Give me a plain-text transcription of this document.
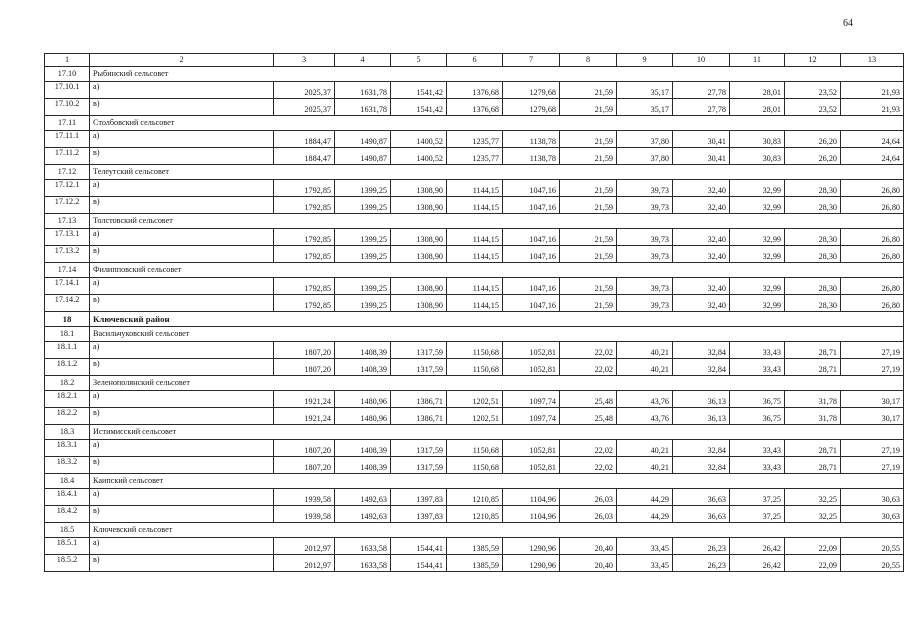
64
1	2	3	4	5	6	7	8	9	10	11	12	13
17.10	Рыбинский сельсовет											
17.10.1	а)	2025,37	1631,78	1541,42	1376,68	1279,68	21,59	35,17	27,78	28,01	23,52	21,93
17.10.2	в)	2025,37	1631,78	1541,42	1376,68	1279,68	21,59	35,17	27,78	28,01	23,52	21,93
17.11	Столбовский сельсовет											
17.11.1	а)	1884,47	1490,87	1400,52	1235,77	1138,78	21,59	37,80	30,41	30,83	26,20	24,64
17.11.2	в)	1884,47	1490,87	1400,52	1235,77	1138,78	21,59	37,80	30,41	30,83	26,20	24,64
17.12	Телеутский сельсовет											
17.12.1	а)	1792,85	1399,25	1308,90	1144,15	1047,16	21,59	39,73	32,40	32,99	28,30	26,80
17.12.2	в)	1792,85	1399,25	1308,90	1144,15	1047,16	21,59	39,73	32,40	32,99	28,30	26,80
17.13	Толстовский сельсовет											
17.13.1	а)	1792,85	1399,25	1308,90	1144,15	1047,16	21,59	39,73	32,40	32,99	28,30	26,80
17.13.2	в)	1792,85	1399,25	1308,90	1144,15	1047,16	21,59	39,73	32,40	32,99	28,30	26,80
17.14	Филипповский сельсовет											
17.14.1	а)	1792,85	1399,25	1308,90	1144,15	1047,16	21,59	39,73	32,40	32,99	28,30	26,80
17.14.2	в)	1792,85	1399,25	1308,90	1144,15	1047,16	21,59	39,73	32,40	32,99	28,30	26,80
18	Ключевский район											
18.1	Васильчуковский сельсовет											
18.1.1	а)	1807,20	1408,39	1317,59	1150,68	1052,81	22,02	40,21	32,84	33,43	28,71	27,19
18.1.2	в)	1807,20	1408,39	1317,59	1150,68	1052,81	22,02	40,21	32,84	33,43	28,71	27,19
18.2	Зеленополянский сельсовет											
18.2.1	а)	1921,24	1480,96	1386,71	1202,51	1097,74	25,48	43,76	36,13	36,75	31,78	30,17
18.2.2	в)	1921,24	1480,96	1386,71	1202,51	1097,74	25,48	43,76	36,13	36,75	31,78	30,17
18.3	Истимисский сельсовет											
18.3.1	а)	1807,20	1408,39	1317,59	1150,68	1052,81	22,02	40,21	32,84	33,43	28,71	27,19
18.3.2	в)	1807,20	1408,39	1317,59	1150,68	1052,81	22,02	40,21	32,84	33,43	28,71	27,19
18.4	Каипский сельсовет											
18.4.1	а)	1939,58	1492,63	1397,83	1210,85	1104,96	26,03	44,29	36,63	37,25	32,25	30,63
18.4.2	в)	1939,58	1492,63	1397,83	1210,85	1104,96	26,03	44,29	36,63	37,25	32,25	30,63
18.5	Ключевский сельсовет											
18.5.1	а)	2012,97	1633,58	1544,41	1385,59	1290,96	20,40	33,45	26,23	26,42	22,09	20,55
18.5.2	в)	2012,97	1633,58	1544,41	1385,59	1290,96	20,40	33,45	26,23	26,42	22,09	20,55
